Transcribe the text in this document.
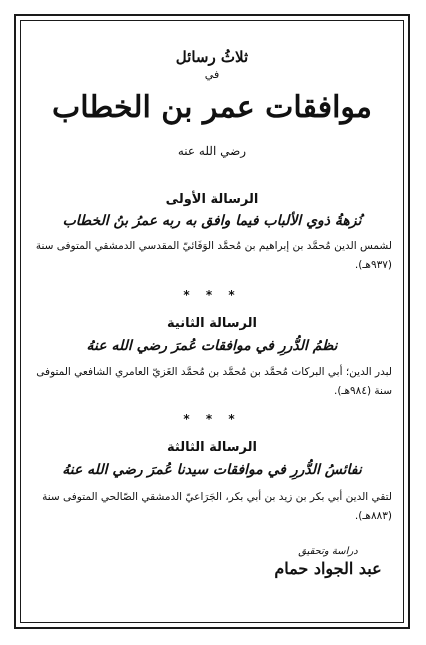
ثلاثُ رسائل
في
موافقات عمر بن الخطاب
رضي الله عنه
الرسالة الأولى
نُزهةُ ذوي الألباب فيما وافق به ربه عمرُ بنُ الخطاب
لشمس الدين مُحمَّد بن إبراهيم بن مُحمَّد الوَفَائيّ المقدسي الدمشقي المتوفى سنة (٩٣٧هـ).
* * *
الرسالة الثانية
نظمُ الدُّررِ في موافقات عُمرَ رضي الله عنهُ
لبدر الدين؛ أبي البركات مُحمَّد بن مُحمَّد بن مُحمَّد الغَزيّ العامري الشافعي المتوفى سنة (٩٨٤هـ).
* * *
الرسالة الثالثة
نفائسُ الدُّررِ في موافقات سيدنا عُمرَ رضي الله عنهُ
لتقي الدين أبي بكر بن زيد بن أبي بكر، الجَرَاعيّ الدمشقي الصّالحي المتوفى سنة (٨٨٣هـ).
دراسة وتحقيق
عبد الجواد حمام
